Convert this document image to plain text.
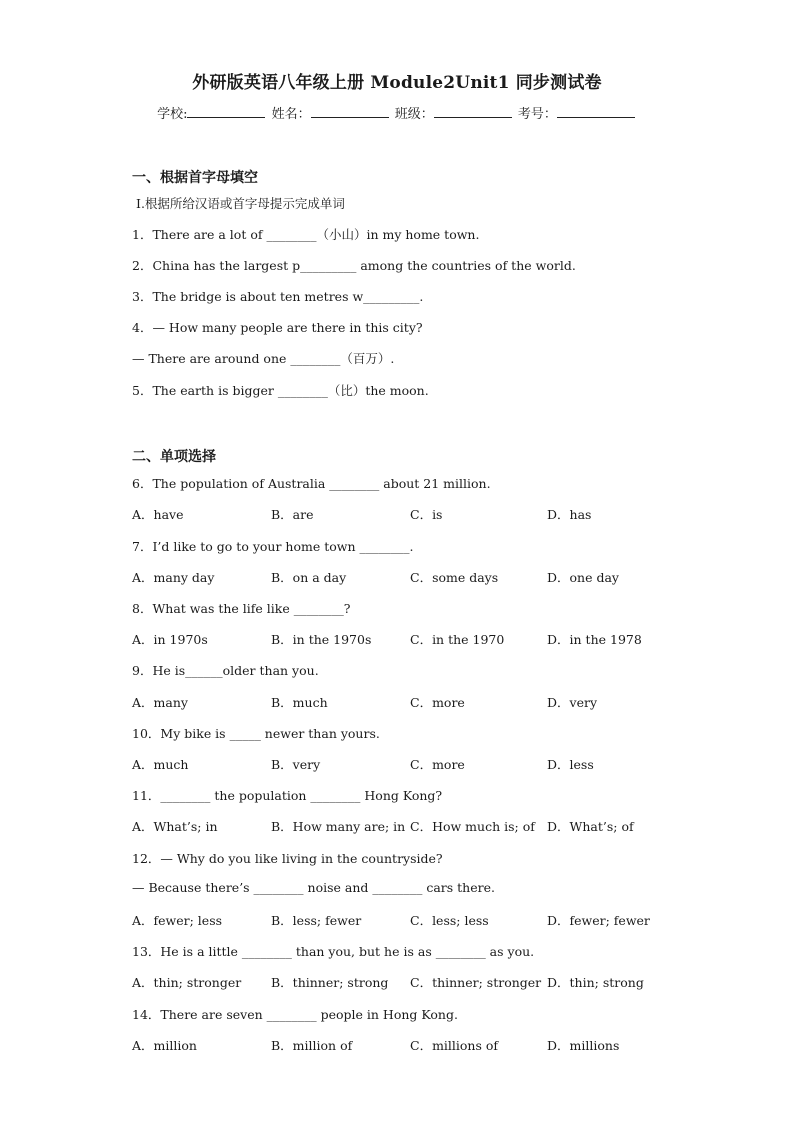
外研版英语八年级上册 Module2Unit1 同步测试卷
学校:	姓名：	班级：	考号：
一、根据首字母填空
Ⅰ.根据所给汉语或首字母提示完成单词
1．There are a lot of ________（小山）in my home town.
2．China has the largest p_________ among the countries of the world.
3．The bridge is about ten metres w_________.
4．— How many people are there in this city?
— There are around one ________（百万）.
5．The earth is bigger ________（比）the moon.
二、单项选择
6．The population of Australia ________ about 21 million.
A．have	B．are	C．is	D．has
7．I’d like to go to your home town ________.
A．many day	B．on a day	C．some days	D．one day
8．What was the life like ________?
A．in 1970s	B．in the 1970s	C．in the 1970	D．in the 1978
9．He is______older than you.
A．many	B．much	C．more	D．very
10．My bike is _____ newer than yours.
A．much	B．very	C．more	D．less
11．________ the population ________ Hong Kong?
A．What’s; in	B．How many are; in C．How much is; of D．What’s; of
12．— Why do you like living in the countryside?
— Because there’s ________ noise and ________ cars there.
A．fewer; less	B．less; fewer	C．less; less	D．fewer; fewer
13．He is a little ________ than you, but he is as ________ as you.
A．thin; stronger B．thinner; strong C．thinner; stronger D．thin; strong
14．There are seven ________ people in Hong Kong.
A．million	B．million of	C．millions of	D．millions
